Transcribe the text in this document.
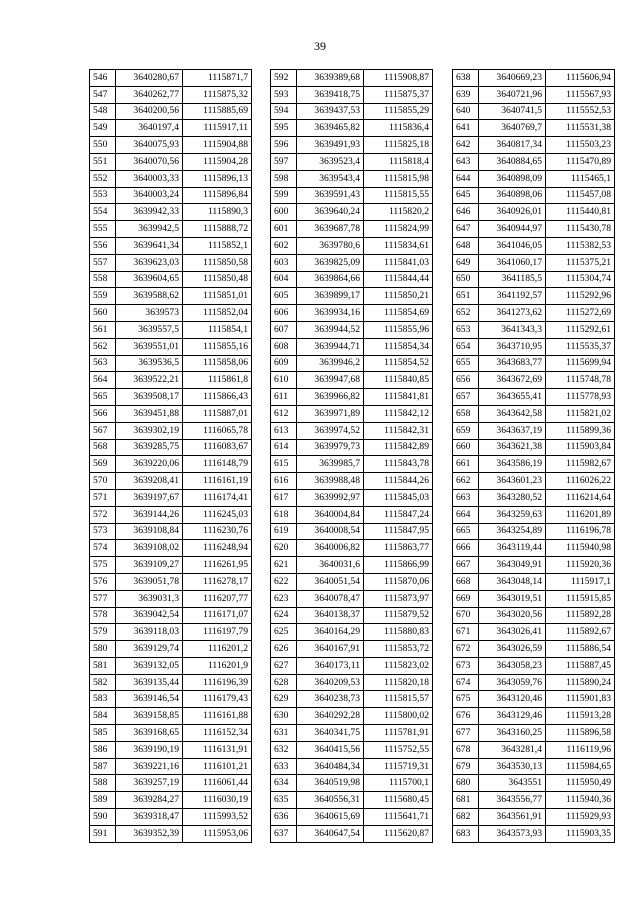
39
546	3640280,67	1115871,7
547	3640262,77	1115875,32
548	3640200,56	1115885,69
549	3640197,4	1115917,11
550	3640075,93	1115904,88
551	3640070,56	1115904,28
552	3640003,33	1115896,13
553	3640003,24	1115896,84
554	3639942,33	1115890,3
555	3639942,5	1115888,72
556	3639641,34	1115852,1
557	3639623,03	1115850,58
558	3639604,65	1115850,48
559	3639588,62	1115851,01
560	3639573	1115852,04
561	3639557,5	1115854,1
562	3639551,01	1115855,16
563	3639536,5	1115858,06
564	3639522,21	1115861,8
565	3639508,17	1115866,43
566	3639451,88	1115887,01
567	3639302,19	1116065,78
568	3639285,75	1116083,67
569	3639220,06	1116148,79
570	3639208,41	1116161,19
571	3639197,67	1116174,41
572	3639144,26	1116245,03
573	3639108,84	1116230,76
574	3639108,02	1116248,94
575	3639109,27	1116261,95
576	3639051,78	1116278,17
577	3639031,3	1116207,77
578	3639042,54	1116171,07
579	3639118,03	1116197,79
580	3639129,74	1116201,2
581	3639132,05	1116201,9
582	3639135,44	1116196,39
583	3639146,54	1116179,43
584	3639158,85	1116161,88
585	3639168,65	1116152,34
586	3639190,19	1116131,91
587	3639221,16	1116101,21
588	3639257,19	1116061,44
589	3639284,27	1116030,19
590	3639318,47	1115993,52
591	3639352,39	1115953,06
592	3639389,68	1115908,87
593	3639418,75	1115875,37
594	3639437,53	1115855,29
595	3639465,82	1115836,4
596	3639491,93	1115825,18
597	3639523,4	1115818,4
598	3639543,4	1115815,98
599	3639591,43	1115815,55
600	3639640,24	1115820,2
601	3639687,78	1115824,99
602	3639780,6	1115834,61
603	3639825,09	1115841,03
604	3639864,66	1115844,44
605	3639899,17	1115850,21
606	3639934,16	1115854,69
607	3639944,52	1115855,96
608	3639944,71	1115854,34
609	3639946,2	1115854,52
610	3639947,68	1115840,85
611	3639966,82	1115841,81
612	3639971,89	1115842,12
613	3639974,52	1115842,31
614	3639979,73	1115842,89
615	3639985,7	1115843,78
616	3639988,48	1115844,26
617	3639992,97	1115845,03
618	3640004,84	1115847,24
619	3640008,54	1115847,95
620	3640006,82	1115863,77
621	3640031,6	1115866,99
622	3640051,54	1115870,06
623	3640078,47	1115873,97
624	3640138,37	1115879,52
625	3640164,29	1115880,83
626	3640167,91	1115853,72
627	3640173,11	1115823,02
628	3640209,53	1115820,18
629	3640238,73	1115815,57
630	3640292,28	1115800,02
631	3640341,75	1115781,91
632	3640415,56	1115752,55
633	3640484,34	1115719,31
634	3640519,98	1115700,1
635	3640556,31	1115680,45
636	3640615,69	1115641,71
637	3640647,54	1115620,87
638	3640669,23	1115606,94
639	3640721,96	1115567,93
640	3640741,5	1115552,53
641	3640769,7	1115531,38
642	3640817,34	1115503,23
643	3640884,65	1115470,89
644	3640898,09	1115465,1
645	3640898,06	1115457,08
646	3640926,01	1115440,81
647	3640944,97	1115430,78
648	3641046,05	1115382,53
649	3641060,17	1115375,21
650	3641185,5	1115304,74
651	3641192,57	1115292,96
652	3641273,62	1115272,69
653	3641343,3	1115292,61
654	3643710,95	1115535,37
655	3643683,77	1115699,94
656	3643672,69	1115748,78
657	3643655,41	1115778,93
658	3643642,58	1115821,02
659	3643637,19	1115899,36
660	3643621,38	1115903,84
661	3643586,19	1115982,67
662	3643601,23	1116026,22
663	3643280,52	1116214,64
664	3643259,63	1116201,89
665	3643254,89	1116196,78
666	3643119,44	1115940,98
667	3643049,91	1115920,36
668	3643048,14	1115917,1
669	3643019,51	1115915,85
670	3643020,56	1115892,28
671	3643026,41	1115892,67
672	3643026,59	1115886,54
673	3643058,23	1115887,45
674	3643059,76	1115890,24
675	3643120,46	1115901,83
676	3643129,46	1115913,28
677	3643160,25	1115896,58
678	3643281,4	1116119,96
679	3643530,13	1115984,65
680	3643551	1115950,49
681	3643556,77	1115940,36
682	3643561,91	1115929,93
683	3643573,93	1115903,35
